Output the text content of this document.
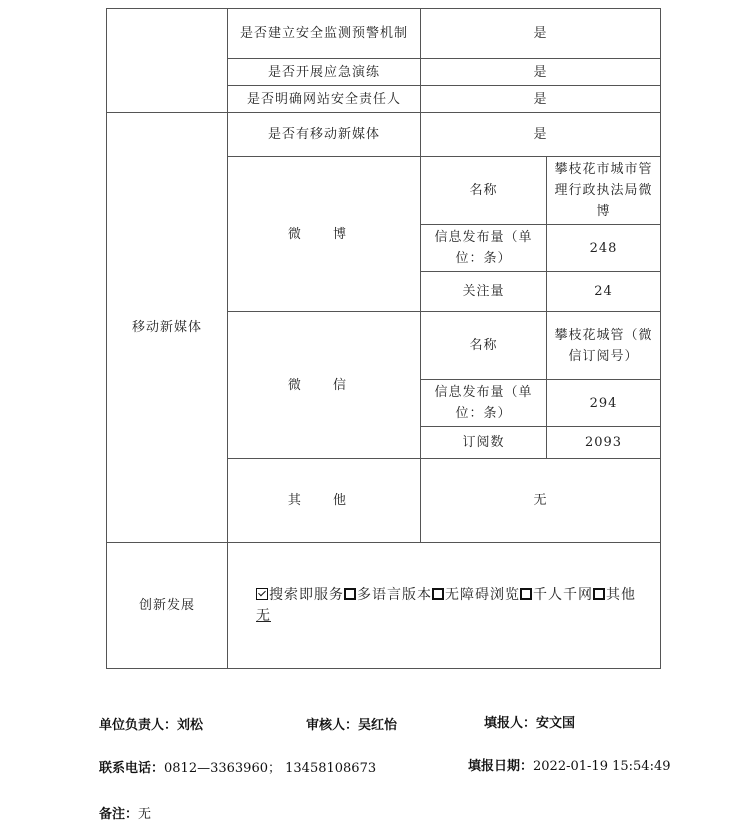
	是否建立安全监测预警机制	是	
	是否开展应急演练	是	
	是否明确网站安全责任人	是	
移动新媒体	是否有移动新媒体	是	
	微 博	名称	攀枝花市城市管理行政执法局微博
		信息发布量（单位：条）	248
		关注量	24
	微 信	名称	攀枝花城管（微信订阅号）
		信息发布量（单位：条）	294
		订阅数	2093
	其 他	无	
创新发展	搜索即服务 多语言版本 无障碍浏览 千人千网 其他
无		
单位负责人：刘松	审核人：吴红怡	填报人：安文国
联系电话：0812—3363960； 13458108673	填报日期：2022-01-19 15:54:49
备注：无
